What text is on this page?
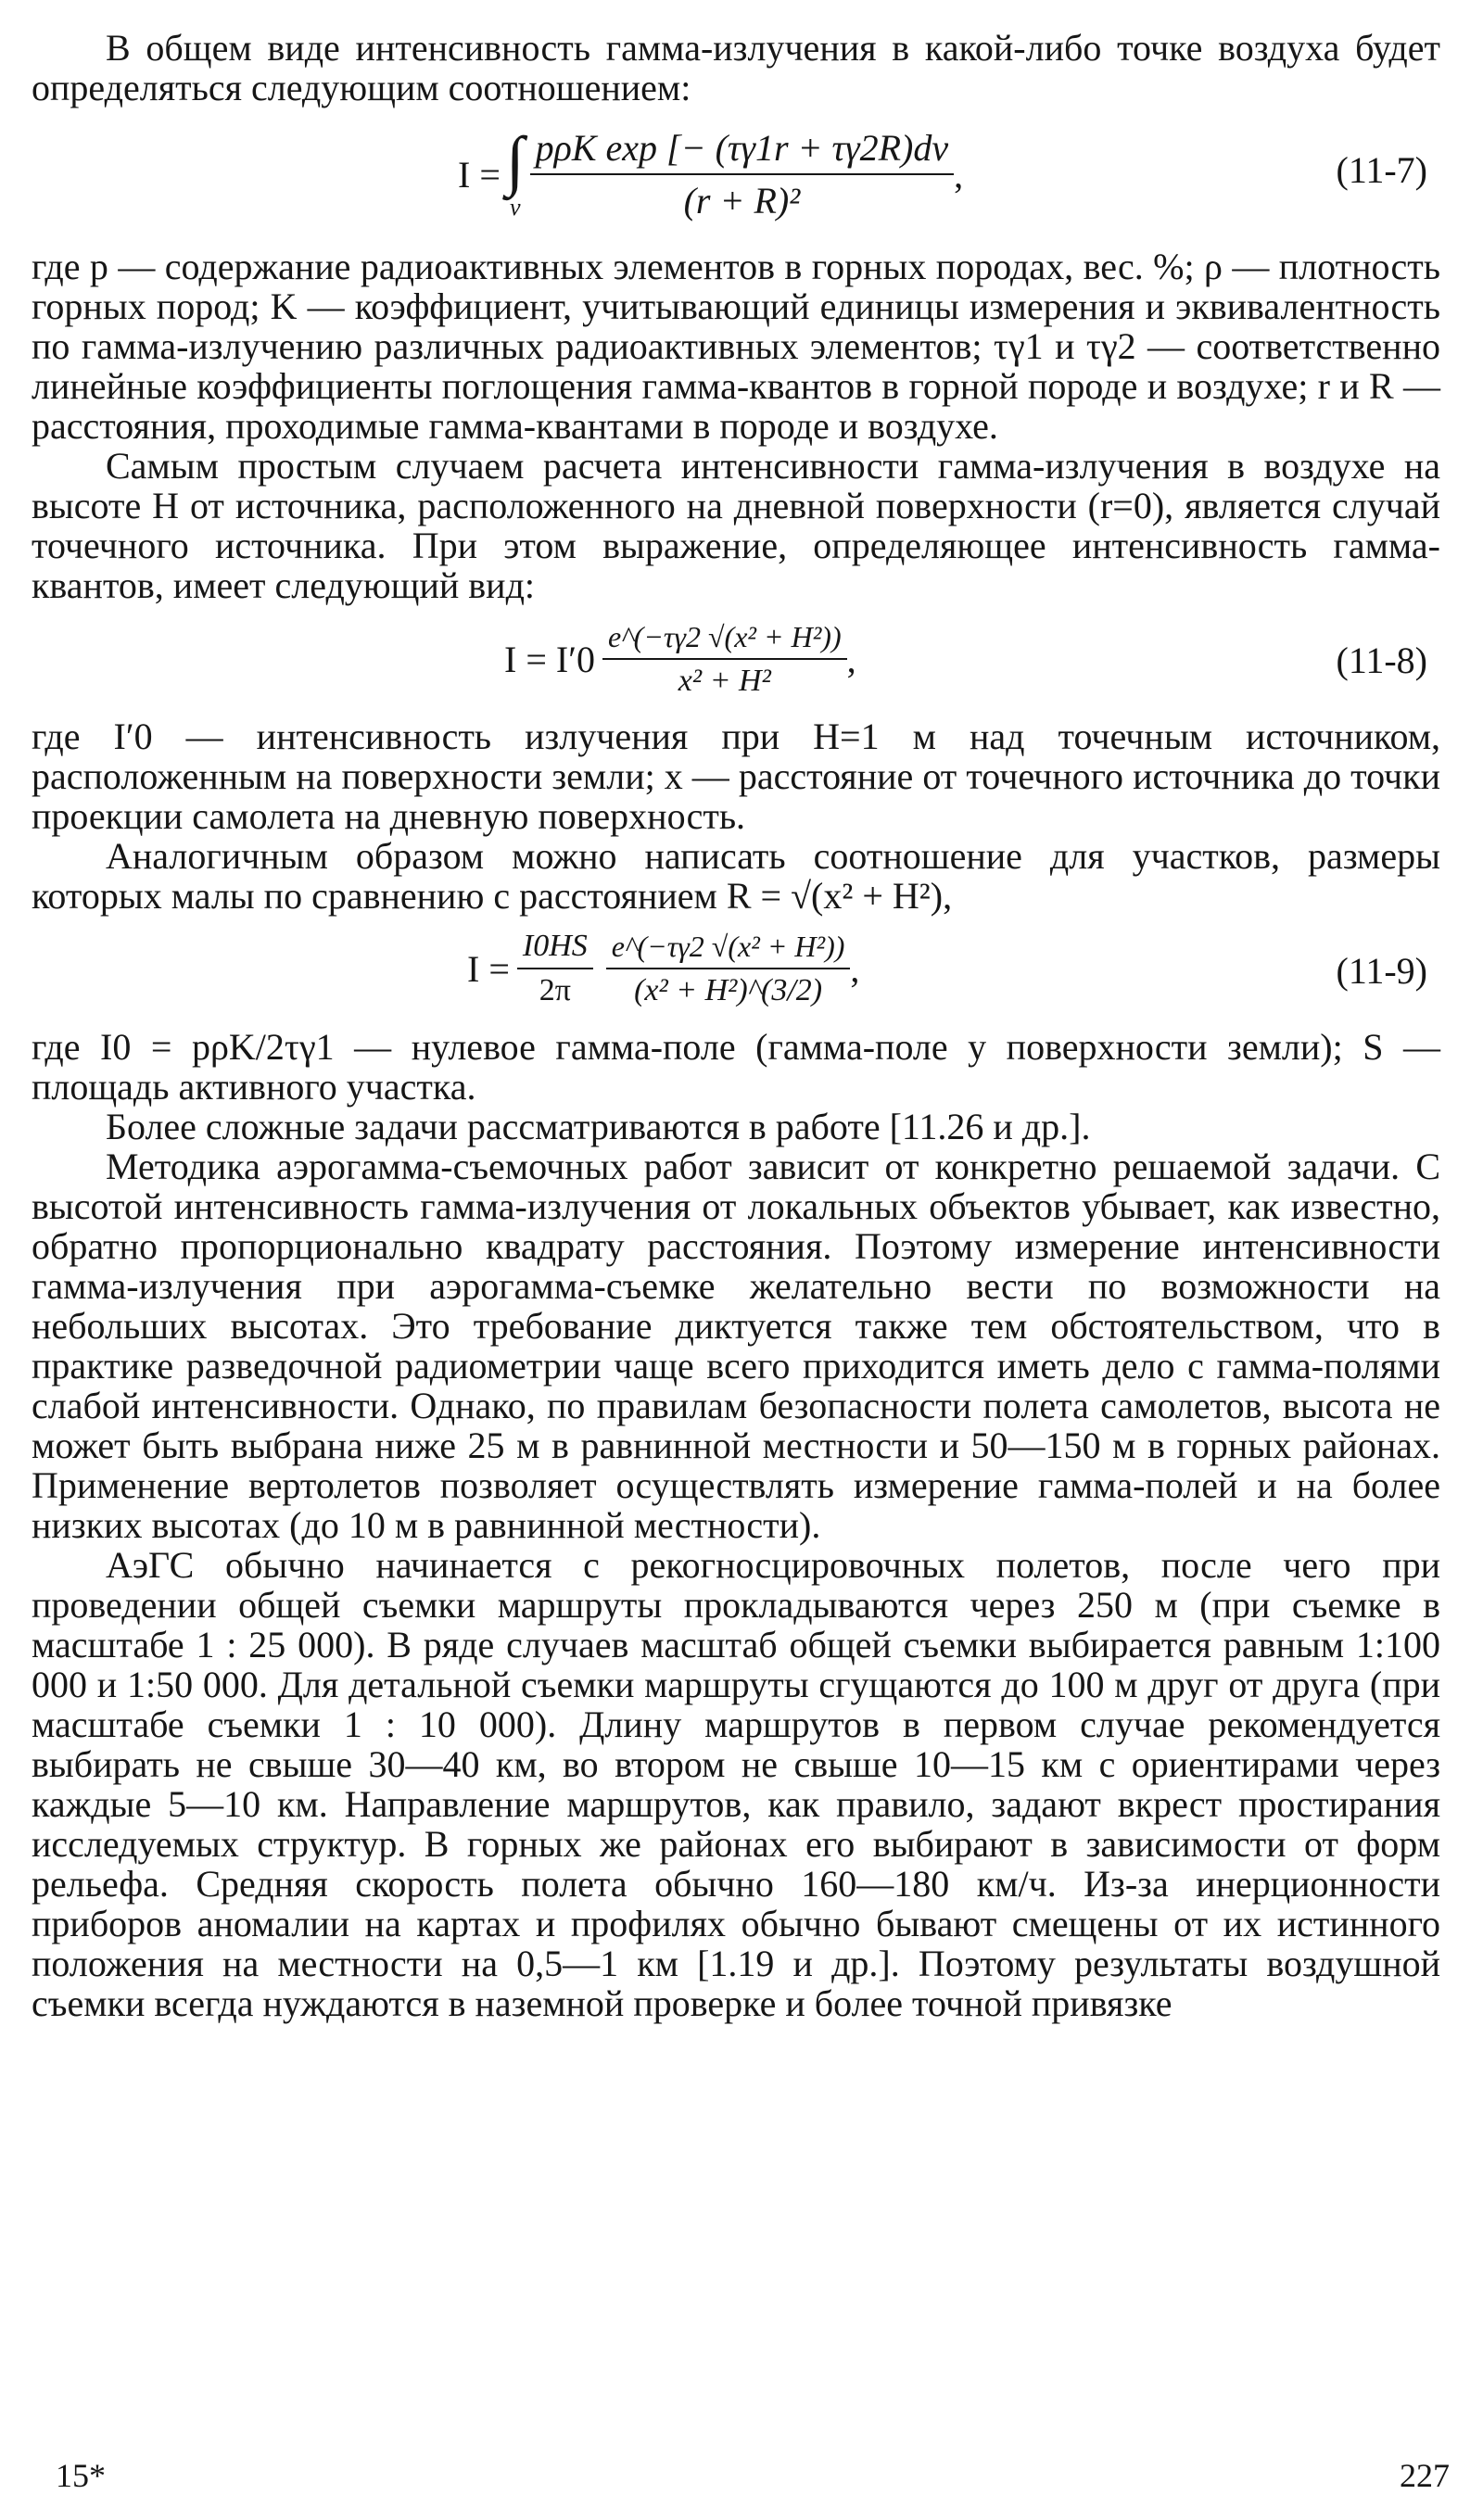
В общем виде интенсивность гамма-излучения в какой-либо точке воздуха будет определяться следующим соотношением:

I = ∫
v $\frac{\text{pρK exp [− (τγ1r + τγ2R)dv}}{\text{(r + R)²}}$ ,	(11-7)

где p — содержание радиоактивных элементов в горных породах, вес. %; ρ — плотность горных пород; K — коэффициент, учитывающий единицы измерения и эквивалентность по гамма-излучению различных радиоактивных элементов; τγ1 и τγ2 — соответственно линейные коэффициенты поглощения гамма-квантов в горной породе и воздухе; r и R — расстояния, проходимые гамма-квантами в породе и воздухе.

Самым простым случаем расчета интенсивности гамма-излучения в воздухе на высоте H от источника, расположенного на дневной поверхности (r=0), является случай точечного источника. При этом выражение, определяющее интенсивность гамма-квантов, имеет следующий вид:

$I = I'0 \frac{\text{e\textasciicircum{}(−τγ2 √(x² + H²))}}{\text{x² + H²}}$ ,	(11-8)

где I′0 — интенсивность излучения при H=1 м над точечным источником, расположенным на поверхности земли; x — расстояние от точечного источника до точки проекции самолета на дневную поверхность.

Аналогичным образом можно написать соотношение для участков, размеры которых малы по сравнению с расстоянием R = √(x² + H²),

$I = \frac{I0HS}{2\pi} \frac{\text{e\textasciicircum{}(−τγ2 √(x² + H²))}}{\text{(x² + H²)\textasciicircum{}(3/2)}}$ ,	(11-9)

где I0 = pρK/2τγ1 — нулевое гамма-поле (гамма-поле у поверхности земли); S — площадь активного участка.

Более сложные задачи рассматриваются в работе [11.26 и др.].

Методика аэрогамма-съемочных работ зависит от конкретно решаемой задачи. С высотой интенсивность гамма-излучения от локальных объектов убывает, как известно, обратно пропорционально квадрату расстояния. Поэтому измерение интенсивности гамма-излучения при аэрогамма-съемке желательно вести по возможности на небольших высотах. Это требование диктуется также тем обстоятельством, что в практике разведочной радиометрии чаще всего приходится иметь дело с гамма-полями слабой интенсивности. Однако, по правилам безопасности полета самолетов, высота не может быть выбрана ниже 25 м в равнинной местности и 50—150 м в горных районах. Применение вертолетов позволяет осуществлять измерение гамма-полей и на более низких высотах (до 10 м в равнинной местности).

АэГС обычно начинается с рекогносцировочных полетов, после чего при проведении общей съемки маршруты прокладываются через 250 м (при съемке в масштабе 1 : 25 000). В ряде случаев масштаб общей съемки выбирается равным 1:100 000 и 1:50 000. Для детальной съемки маршруты сгущаются до 100 м друг от друга (при масштабе съемки 1 : 10 000). Длину маршрутов в первом случае рекомендуется выбирать не свыше 30—40 км, во втором не свыше 10—15 км с ориентирами через каждые 5—10 км. Направление маршрутов, как правило, задают вкрест простирания исследуемых структур. В горных же районах его выбирают в зависимости от форм рельефа. Средняя скорость полета обычно 160—180 км/ч. Из-за инерционности приборов аномалии на картах и профилях обычно бывают смещены от их истинного положения на местности на 0,5—1 км [1.19 и др.]. Поэтому результаты воздушной съемки всегда нуждаются в наземной проверке и более точной привязке

15*	227
